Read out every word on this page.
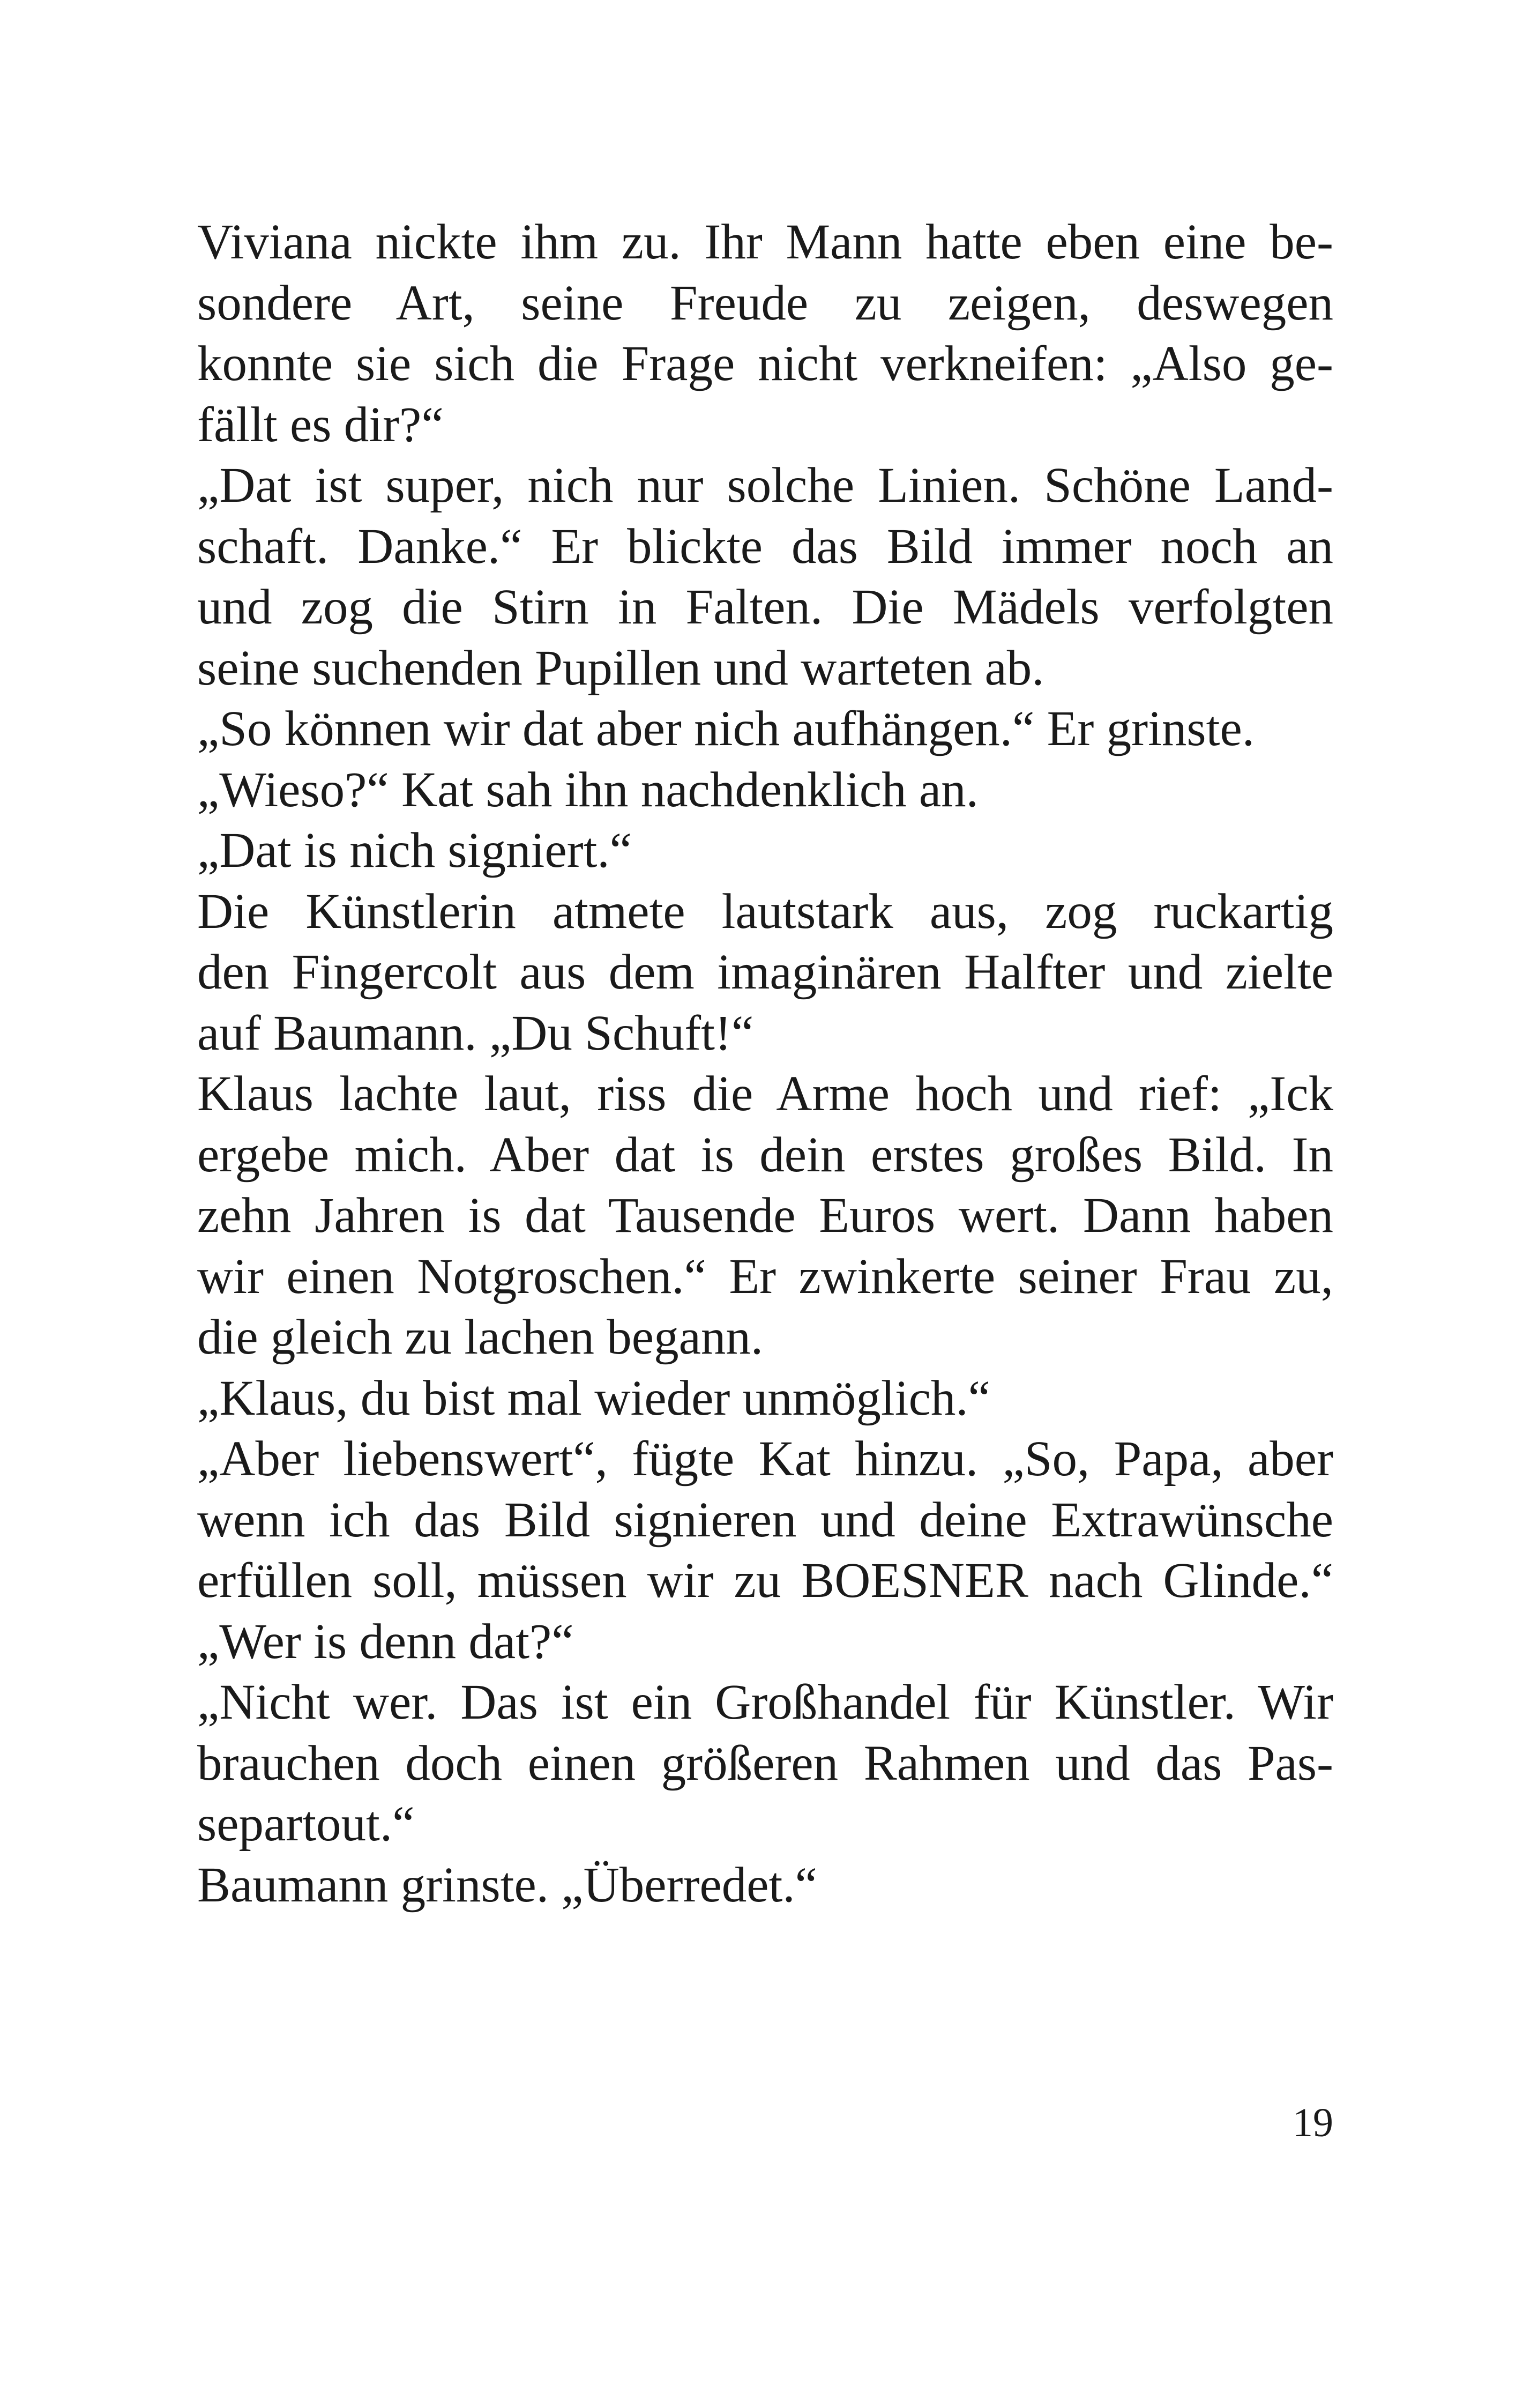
Viviana nickte ihm zu. Ihr Mann hatte eben eine be-
sondere Art, seine Freude zu zeigen, deswegen
konnte sie sich die Frage nicht verkneifen: „Also ge-
fällt es dir?“
„Dat ist super, nich nur solche Linien. Schöne Land-
schaft. Danke.“ Er blickte das Bild immer noch an
und zog die Stirn in Falten. Die Mädels verfolgten
seine suchenden Pupillen und warteten ab.
„So können wir dat aber nich aufhängen.“ Er grinste.
„Wieso?“ Kat sah ihn nachdenklich an.
„Dat is nich signiert.“
Die Künstlerin atmete lautstark aus, zog ruckartig
den Fingercolt aus dem imaginären Halfter und zielte
auf Baumann. „Du Schuft!“
Klaus lachte laut, riss die Arme hoch und rief: „Ick
ergebe mich. Aber dat is dein erstes großes Bild. In
zehn Jahren is dat Tausende Euros wert. Dann haben
wir einen Notgroschen.“ Er zwinkerte seiner Frau zu,
die gleich zu lachen begann.
„Klaus, du bist mal wieder unmöglich.“
„Aber liebenswert“, fügte Kat hinzu. „So, Papa, aber
wenn ich das Bild signieren und deine Extrawünsche
erfüllen soll, müssen wir zu BOESNER nach Glinde.“
„Wer is denn dat?“
„Nicht wer. Das ist ein Großhandel für Künstler. Wir
brauchen doch einen größeren Rahmen und das Pas-
separtout.“
Baumann grinste. „Überredet.“
19
